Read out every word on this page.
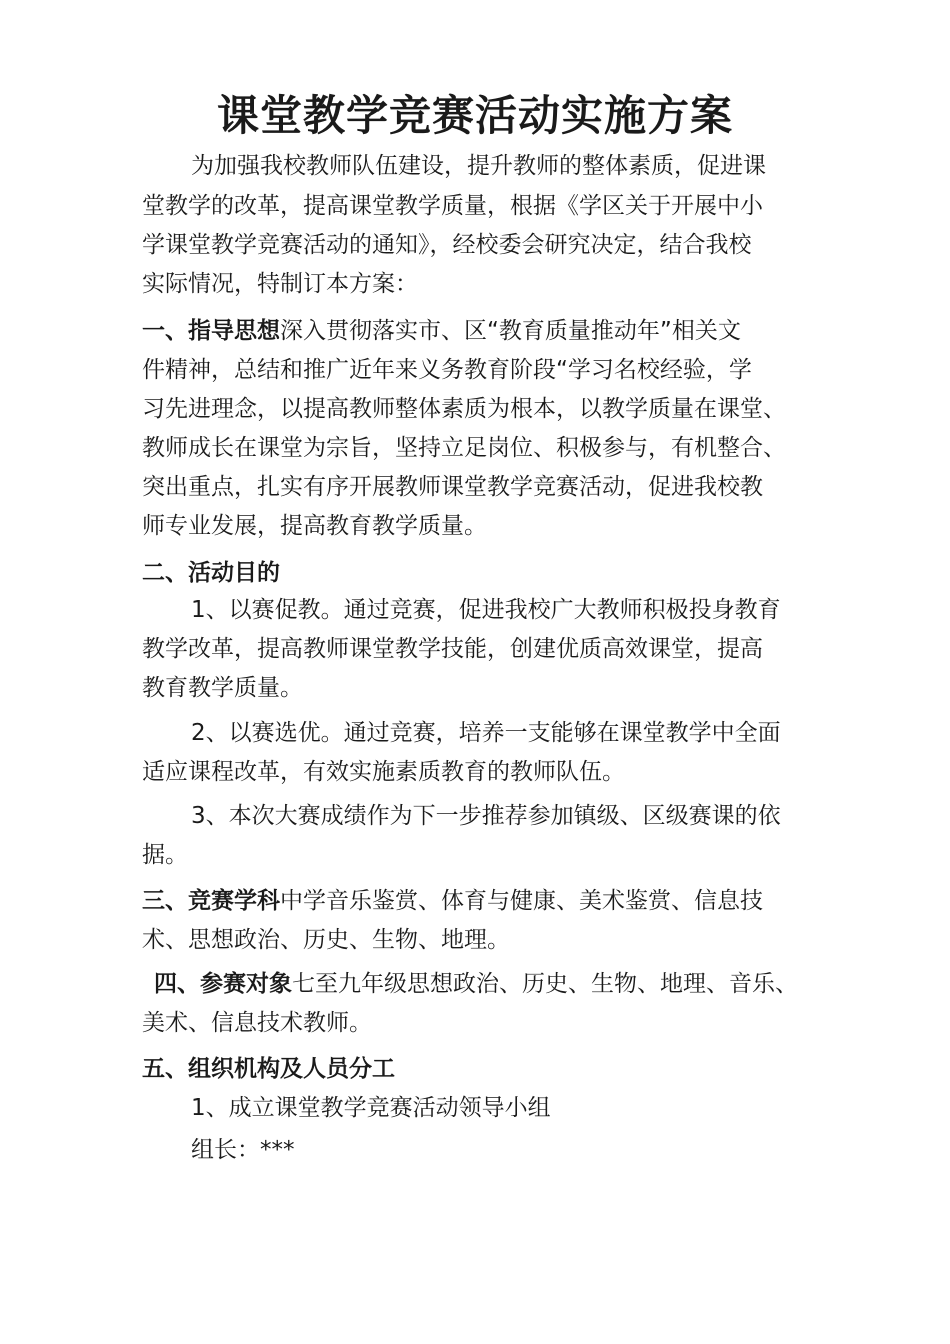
课堂教学竞赛活动实施方案
为加强我校教师队伍建设，提升教师的整体素质，促进课
堂教学的改革，提高课堂教学质量，根据《学区关于开展中小
学课堂教学竞赛活动的通知》，经校委会研究决定，结合我校
实际情况，特制订本方案：
一、指导思想深入贯彻落实市、区“教育质量推动年”相关文
件精神，总结和推广近年来义务教育阶段“学习名校经验，学
习先进理念，以提高教师整体素质为根本，以教学质量在课堂、
教师成长在课堂为宗旨，坚持立足岗位、积极参与，有机整合、
突出重点，扎实有序开展教师课堂教学竞赛活动，促进我校教
师专业发展，提高教育教学质量。
二、活动目的
1、以赛促教。通过竞赛，促进我校广大教师积极投身教育
教学改革，提高教师课堂教学技能，创建优质高效课堂，提高
教育教学质量。
2、以赛选优。通过竞赛，培养一支能够在课堂教学中全面
适应课程改革，有效实施素质教育的教师队伍。
3、本次大赛成绩作为下一步推荐参加镇级、区级赛课的依
据。
三、竞赛学科中学音乐鉴赏、体育与健康、美术鉴赏、信息技
术、思想政治、历史、生物、地理。
四、参赛对象七至九年级思想政治、历史、生物、地理、音乐、
美术、信息技术教师。
五、组织机构及人员分工
1、成立课堂教学竞赛活动领导小组
组长：***
